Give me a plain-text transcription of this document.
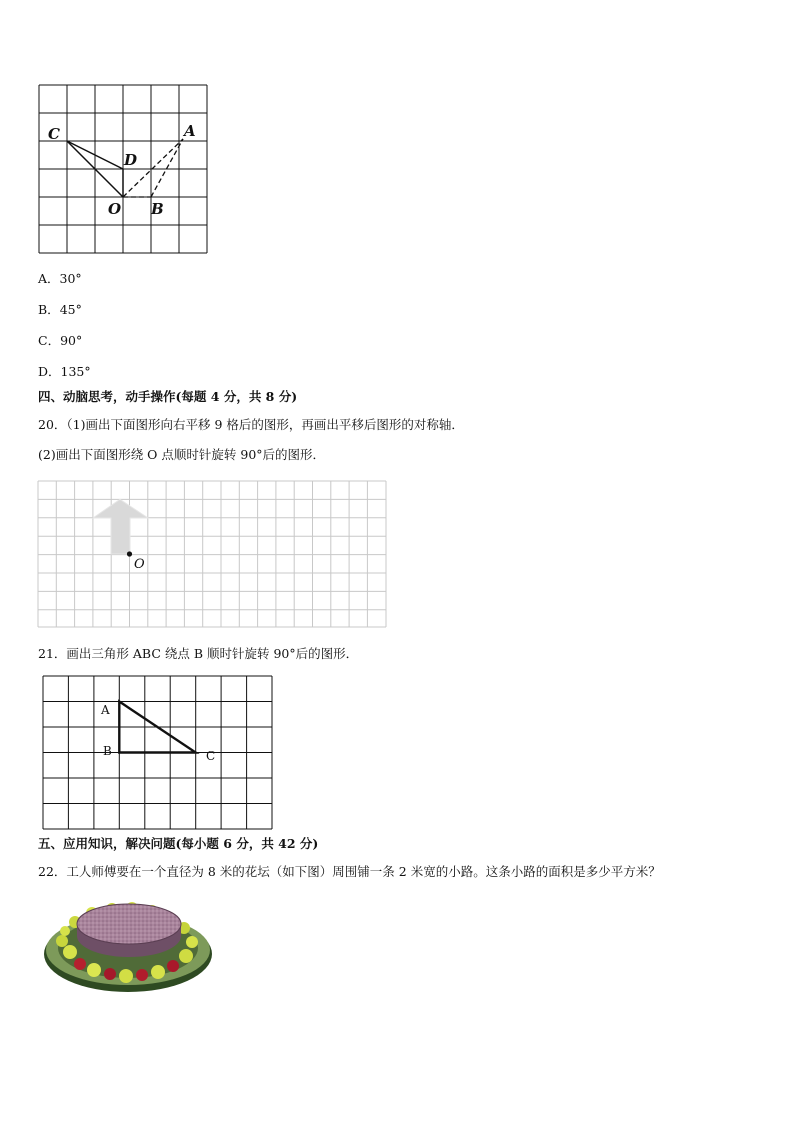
C	A
D
O B
A．30°
B．45°
C．90°
D．135°
四、动脑思考，动手操作(每题 4 分，共 8 分)
20．（1)画出下面图形向右平移 9 格后的图形，再画出平移后图形的对称轴．
(2)画出下面图形绕 O 点顺时针旋转 90°后的图形．
O
21．画出三角形 ABC 绕点 B 顺时针旋转 90°后的图形．
A
B	C
五、应用知识，解决问题(每小题 6 分，共 42 分)
22．工人师傅要在一个直径为 8 米的花坛（如下图）周围铺一条 2 米宽的小路。这条小路的面积是多少平方米？
